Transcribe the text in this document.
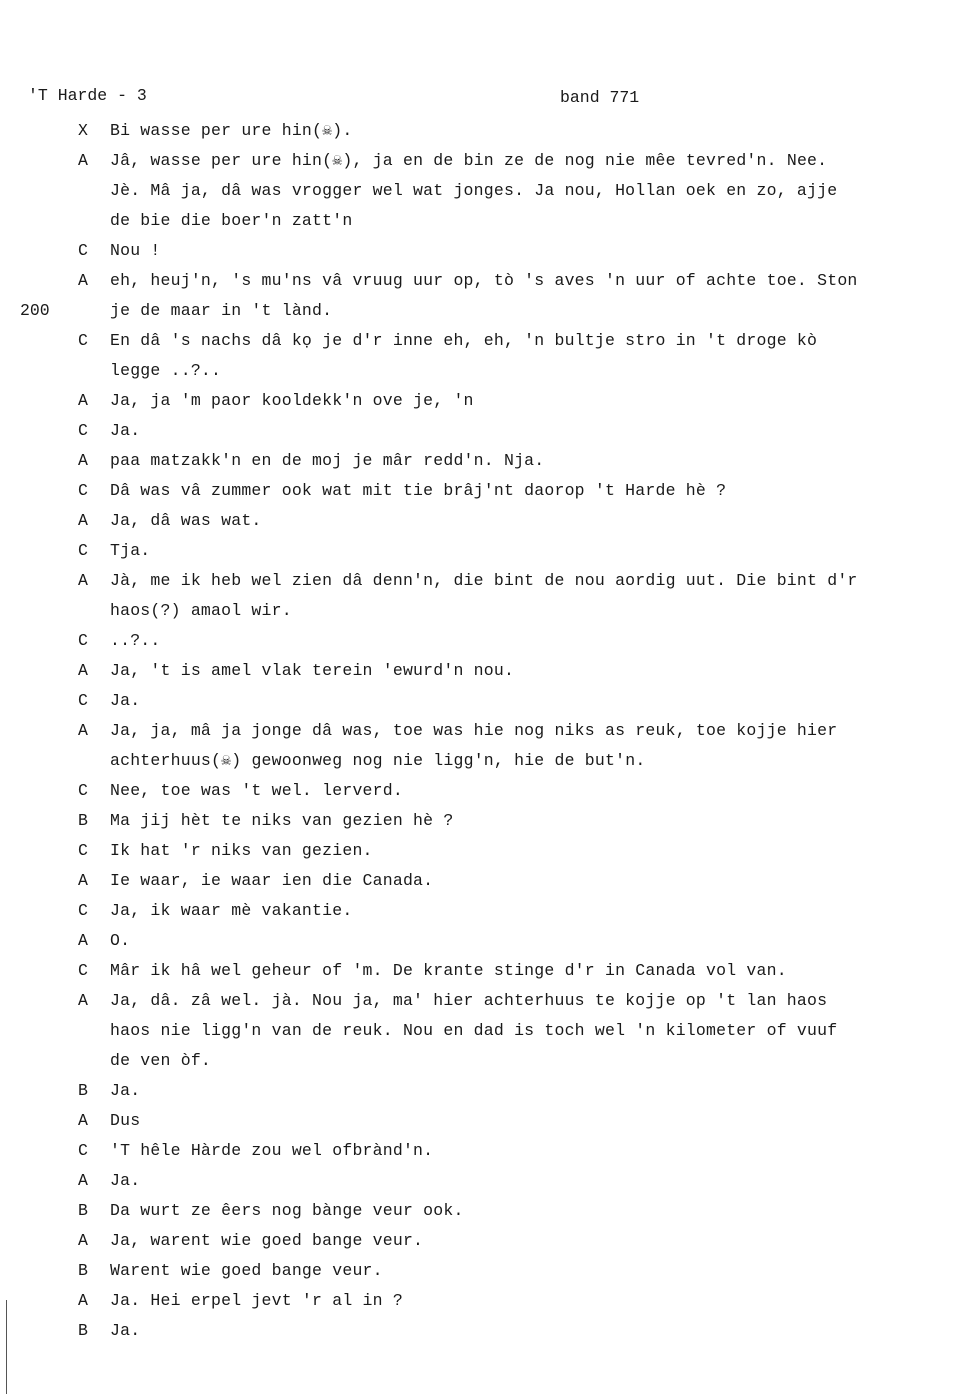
'T Harde - 3	band 771
200
X	Bi wasse per ure hin(☠).
A	Jâ, wasse per ure hin(☠), ja en de bin ze de nog nie mêe tevred'n. Nee.
Jè. Mâ ja, dâ was vrogger wel wat jonges. Ja nou, Hollan oek en zo, ajje
de bie die boer'n zatt'n
C	Nou !
A	eh, heuj'n, 's mu'ns vâ vruug uur op, tò 's aves 'n uur of achte toe. Ston
je de maar in 't lànd.
C	En dâ 's nachs dâ kọ je d'r inne eh, eh, 'n bultje stro in 't droge kò
legge ..?..
A	Ja, ja 'm paor kooldekk'n ove je, 'n
C	Ja.
A	paa matzakk'n en de moj je mâr redd'n. Nja.
C	Dâ was vâ zummer ook wat mit tie brâj'nt daorop 't Harde hè ?
A	Ja, dâ was wat.
C	Tja.
A	Jà, me ik heb wel zien dâ denn'n, die bint de nou aordig uut. Die bint d'r
haos(?) amaol wir.
C	..?..
A	Ja, 't is amel vlak terein 'ewurd'n nou.
C	Ja.
A	Ja, ja, mâ ja jonge dâ was, toe was hie nog niks as reuk, toe kojje hier
achterhuus(☠) gewoonweg nog nie ligg'n, hie de but'n.
C	Nee, toe was 't wel. lerverd.
B	Ma jij hèt te niks van gezien hè ?
C	Ik hat 'r niks van gezien.
A	Ie waar, ie waar ien die Canada.
C	Ja, ik waar mè vakantie.
A	O.
C	Mâr ik hâ wel geheur of 'm. De krante stinge d'r in Canada vol van.
A	Ja, dâ. zâ wel. jà. Nou ja, ma' hier achterhuus te kojje op 't lan haos
haos nie ligg'n van de reuk. Nou en dad is toch wel 'n kilometer of vuuf
de ven òf.
B	Ja.
A	Dus
C	'T hêle Hàrde zou wel ofbrànd'n.
A	Ja.
B	Da wurt ze êers nog bànge veur ook.
A	Ja, warent wie goed bange veur.
B	Warent wie goed bange veur.
A	Ja. Hei erpel jevt 'r al in ?
B	Ja.
